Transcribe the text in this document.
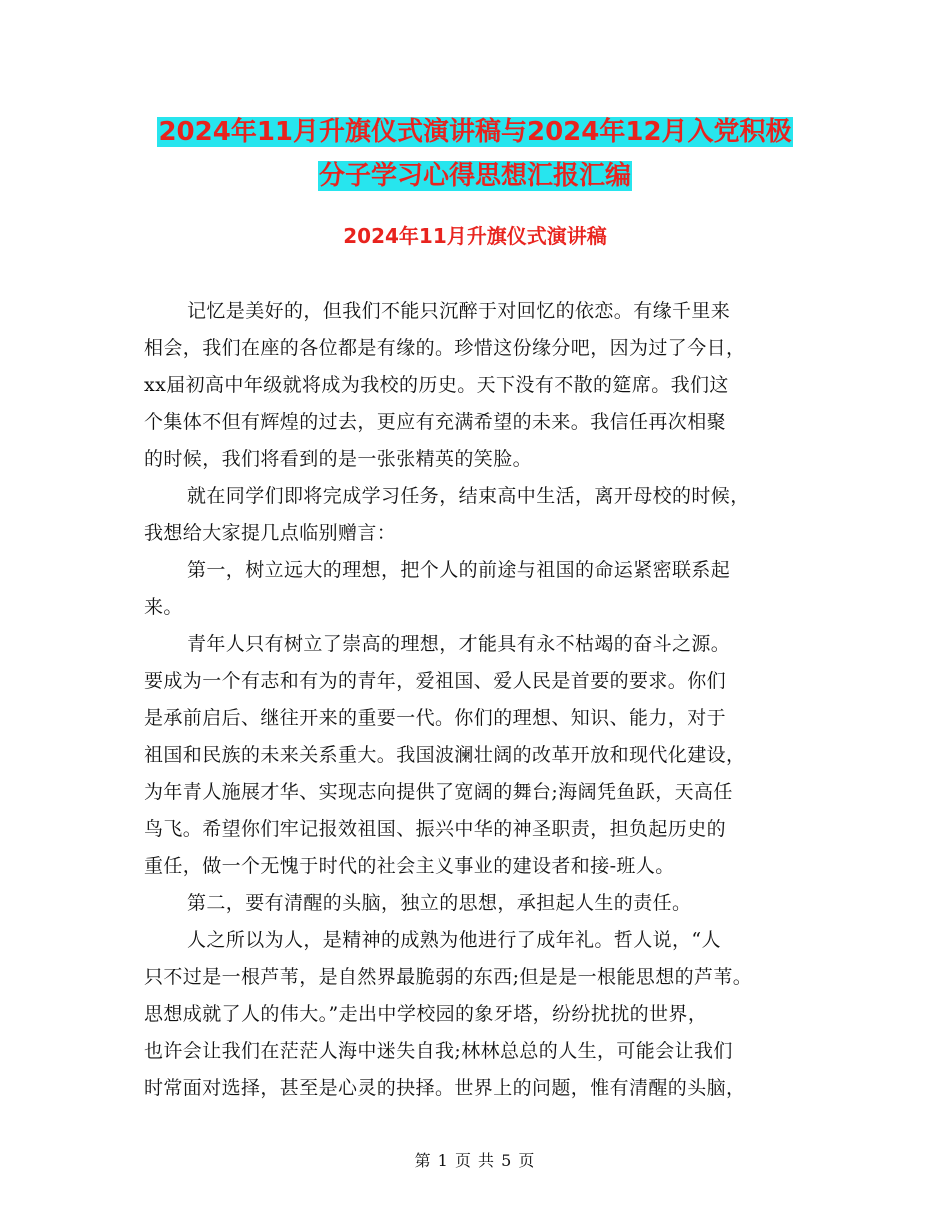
2024年11月升旗仪式演讲稿与2024年12月入党积极
分子学习心得思想汇报汇编
2024年11月升旗仪式演讲稿
记忆是美好的，但我们不能只沉醉于对回忆的依恋。有缘千里来
相会，我们在座的各位都是有缘的。珍惜这份缘分吧，因为过了今日，
xx届初高中年级就将成为我校的历史。天下没有不散的筵席。我们这
个集体不但有辉煌的过去，更应有充满希望的未来。我信任再次相聚
的时候，我们将看到的是一张张精英的笑脸。
就在同学们即将完成学习任务，结束高中生活，离开母校的时候，
我想给大家提几点临别赠言：
第一，树立远大的理想，把个人的前途与祖国的命运紧密联系起
来。
青年人只有树立了崇高的理想，才能具有永不枯竭的奋斗之源。
要成为一个有志和有为的青年，爱祖国、爱人民是首要的要求。你们
是承前启后、继往开来的重要一代。你们的理想、知识、能力，对于
祖国和民族的未来关系重大。我国波澜壮阔的改革开放和现代化建设，
为年青人施展才华、实现志向提供了宽阔的舞台;海阔凭鱼跃，天高任
鸟飞。希望你们牢记报效祖国、振兴中华的神圣职责，担负起历史的
重任，做一个无愧于时代的社会主义事业的建设者和接-班人。
第二，要有清醒的头脑，独立的思想，承担起人生的责任。
人之所以为人，是精神的成熟为他进行了成年礼。哲人说，“人
只不过是一根芦苇，是自然界最脆弱的东西;但是是一根能思想的芦苇。
思想成就了人的伟大。”走出中学校园的象牙塔，纷纷扰扰的世界，
也许会让我们在茫茫人海中迷失自我;林林总总的人生，可能会让我们
时常面对选择，甚至是心灵的抉择。世界上的问题，惟有清醒的头脑，
第 1 页 共 5 页
